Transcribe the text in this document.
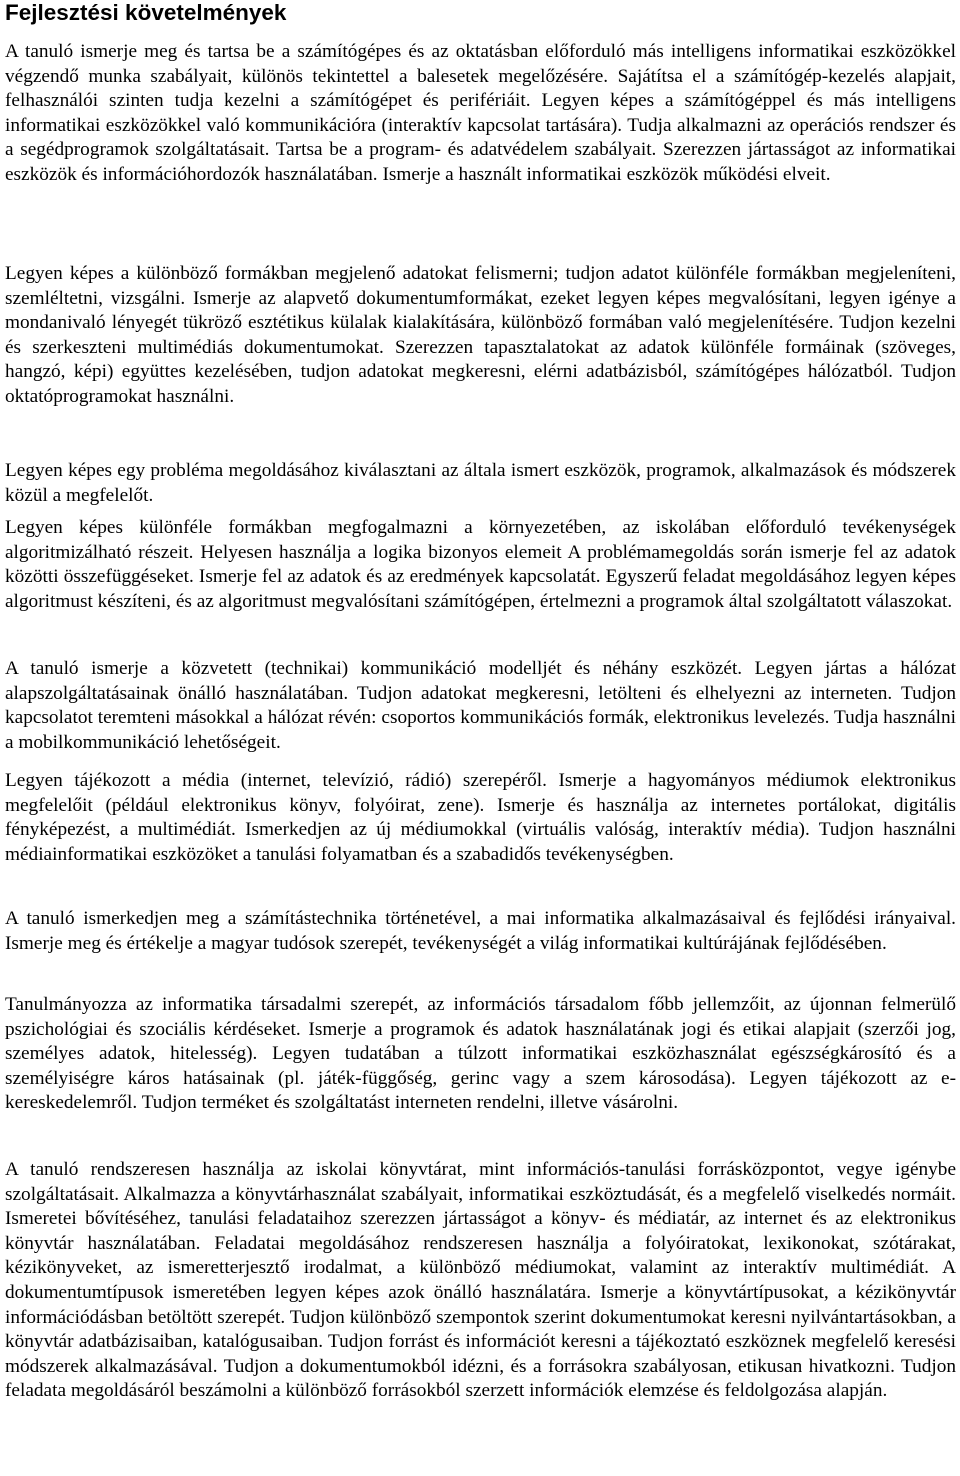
Fejlesztési követelmények

A tanuló ismerje meg és tartsa be a számítógépes és az oktatásban előforduló más intelligens informatikai eszközökkel végzendő munka szabályait, különös tekintettel a balesetek megelőzésére. Sajátítsa el a számítógép-kezelés alapjait, felhasználói szinten tudja kezelni a számítógépet és perifériáit. Legyen képes a számítógéppel és más intelligens informatikai eszközökkel való kommunikációra (interaktív kapcsolat tartására). Tudja alkalmazni az operációs rendszer és a segédprogramok szolgáltatásait. Tartsa be a program- és adatvédelem szabályait. Szerezzen jártasságot az informatikai eszközök és információhordozók használatában. Ismerje a használt informatikai eszközök működési elveit.

Legyen képes a különböző formákban megjelenő adatokat felismerni; tudjon adatot különféle formákban megjeleníteni, szemléltetni, vizsgálni. Ismerje az alapvető dokumentumformákat, ezeket legyen képes megvalósítani, legyen igénye a mondanivaló lényegét tükröző esztétikus külalak kialakítására, különböző formában való megjelenítésére. Tudjon kezelni és szerkeszteni multimédiás dokumentumokat. Szerezzen tapasztalatokat az adatok különféle formáinak (szöveges, hangzó, képi) együttes kezelésében, tudjon adatokat megkeresni, elérni adatbázisból, számítógépes hálózatból. Tudjon oktatóprogramokat használni.

Legyen képes egy probléma megoldásához kiválasztani az általa ismert eszközök, programok, alkalmazások és módszerek közül a megfelelőt.

Legyen képes különféle formákban megfogalmazni a környezetében, az iskolában előforduló tevékenységek algoritmizálható részeit. Helyesen használja a logika bizonyos elemeit A problémamegoldás során ismerje fel az adatok közötti összefüggéseket. Ismerje fel az adatok és az eredmények kapcsolatát. Egyszerű feladat megoldásához legyen képes algoritmust készíteni, és az algoritmust megvalósítani számítógépen, értelmezni a programok által szolgáltatott válaszokat.

A tanuló ismerje a közvetett (technikai) kommunikáció modelljét és néhány eszközét. Legyen jártas a hálózat alapszolgáltatásainak önálló használatában. Tudjon adatokat megkeresni, letölteni és elhelyezni az interneten. Tudjon kapcsolatot teremteni másokkal a hálózat révén: csoportos kommunikációs formák, elektronikus levelezés. Tudja használni a mobilkommunikáció lehetőségeit.

Legyen tájékozott a média (internet, televízió, rádió) szerepéről. Ismerje a hagyományos médiumok elektronikus megfelelőit (például elektronikus könyv, folyóirat, zene). Ismerje és használja az internetes portálokat, digitális fényképezést, a multimédiát. Ismerkedjen az új médiumokkal (virtuális valóság, interaktív média). Tudjon használni médiainformatikai eszközöket a tanulási folyamatban és a szabadidős tevékenységben.

A tanuló ismerkedjen meg a számítástechnika történetével, a mai informatika alkalmazásaival és fejlődési irányaival. Ismerje meg és értékelje a magyar tudósok szerepét, tevékenységét a világ informatikai kultúrájának fejlődésében.

Tanulmányozza az informatika társadalmi szerepét, az információs társadalom főbb jellemzőit, az újonnan felmerülő pszichológiai és szociális kérdéseket. Ismerje a programok és adatok használatának jogi és etikai alapjait (szerzői jog, személyes adatok, hitelesség). Legyen tudatában a túlzott informatikai eszközhasználat egészségkárosító és a személyiségre káros hatásainak (pl. játék-függőség, gerinc vagy a szem károsodása). Legyen tájékozott az e-kereskedelemről. Tudjon terméket és szolgáltatást interneten rendelni, illetve vásárolni.

A tanuló rendszeresen használja az iskolai könyvtárat, mint információs-tanulási forrásközpontot, vegye igénybe szolgáltatásait. Alkalmazza a könyvtárhasználat szabályait, informatikai eszköztudását, és a megfelelő viselkedés normáit. Ismeretei bővítéséhez, tanulási feladataihoz szerezzen jártasságot a könyv- és médiatár, az internet és az elektronikus könyvtár használatában. Feladatai megoldásához rendszeresen használja a folyóiratokat, lexikonokat, szótárakat, kézikönyveket, az ismeretterjesztő irodalmat, a különböző médiumokat, valamint az interaktív multimédiát. A dokumentumtípusok ismeretében legyen képes azok önálló használatára. Ismerje a könyvtártípusokat, a kézikönyvtár információdásban betöltött szerepét. Tudjon különböző szempontok szerint dokumentumokat keresni nyilvántartásokban, a könyvtár adatbázisaiban, katalógusaiban. Tudjon forrást és információt keresni a tájékoztató eszköznek megfelelő keresési módszerek alkalmazásával. Tudjon a dokumentumokból idézni, és a forrásokra szabályosan, etikusan hivatkozni. Tudjon feladata megoldásáról beszámolni a különböző forrásokból szerzett információk elemzése és feldolgozása alapján.
